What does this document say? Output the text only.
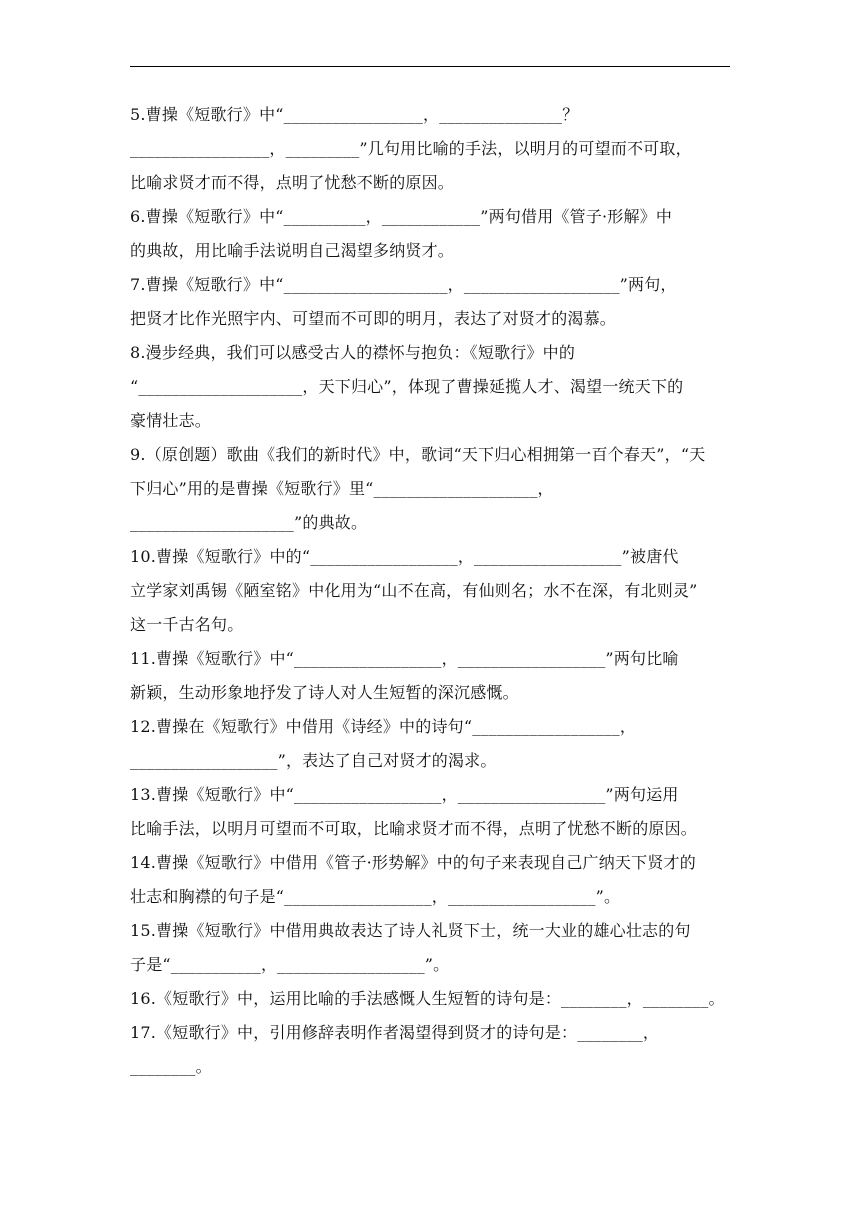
5.曹操《短歌行》中“_________________，_______________？
_________________，_________”几句用比喻的手法，以明月的可望而不可取，
比喻求贤才而不得，点明了忧愁不断的原因。
6.曹操《短歌行》中“__________，____________”两句借用《管子·形解》中
的典故，用比喻手法说明自己渴望多纳贤才。
7.曹操《短歌行》中“____________________，___________________”两句，
把贤才比作光照宇内、可望而不可即的明月，表达了对贤才的渴慕。
8.漫步经典，我们可以感受古人的襟怀与抱负：《短歌行》中的
“____________________，天下归心”，体现了曹操延揽人才、渴望一统天下的
豪情壮志。
9.（原创题）歌曲《我们的新时代》中，歌词“天下归心相拥第一百个春天”，“天
下归心”用的是曹操《短歌行》里“____________________，
____________________”的典故。
10.曹操《短歌行》中的“__________________，__________________”被唐代
立学家刘禹锡《陋室铭》中化用为“山不在高，有仙则名；水不在深，有北则灵”
这一千古名句。
11.曹操《短歌行》中“__________________，__________________”两句比喻
新颖，生动形象地抒发了诗人对人生短暂的深沉感慨。
12.曹操在《短歌行》中借用《诗经》中的诗句“__________________，
__________________”，表达了自己对贤才的渴求。
13.曹操《短歌行》中“__________________，__________________”两句运用
比喻手法，以明月可望而不可取，比喻求贤才而不得，点明了忧愁不断的原因。
14.曹操《短歌行》中借用《管子·形势解》中的句子来表现自己广纳天下贤才的
壮志和胸襟的句子是“__________________，__________________”。
15.曹操《短歌行》中借用典故表达了诗人礼贤下士，统一大业的雄心壮志的句
子是“___________，__________________”。
16.《短歌行》中，运用比喻的手法感慨人生短暂的诗句是：________，________。
17.《短歌行》中，引用修辞表明作者渴望得到贤才的诗句是：________，
________。
